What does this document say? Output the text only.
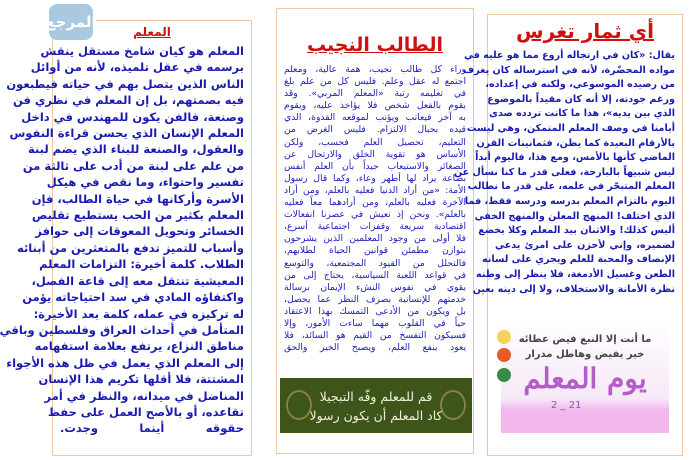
المعلم
المعلم هو كيان شامخ مستقل ينقش
برسمه في عقل تلميذه، لأنه من أوائل
الناس الذين يتصل بهم في حياته فيطبعون
فيه بصمتهم، بل إن المعلم في نظري فن
وصنعة، فالفن يكون للمهندس في داخل
المعلم الإنسان الذي يحسن قراءة النفوس
والعقول، والصنعة للبناء الذي يضم لبنة
من علم على لبنة من أدب على ثالثة من
تفسير واحتواء، وما نقص في هيكل
الأسرة وأركانها في حياة الطالب، فإن
المعلم بكثير من الحب يستطيع تقليص
الخسائر وتحويل المعوقات إلى حوافز
وأسباب للتميز تدفع بالمتعثرين من أبنائه
الطلاب. كلمة أخيرة: التزامات المعلم
المعيشية تنتقل معه إلى قاعة الفصل،
واكتفاؤه المادي في سد احتياجاته يؤمن
له تركيزه في عمله، كلمة بعد الأخيرة:
المتأمل في أحداث العراق وفلسطين وباقي
مناطق النزاع، يرتفع بعلامة استفهامه
إلى المعلم الذي يعمل في ظل هذه الأجواء
المشتتة، فلا أقلها تكريم هذا الإنسان
المناضل في ميدانه، والنظر في أمر
تقاعده، أو بالأصح العمل على حفظ
حقوقه أينما وجدت.
المرجع
الطالب النجيب
وراء كل طالب نجيب، همة عالية، ومعلم
اجتمع له عقل وعلم. فليس كل من علم بلغ
في تعليمه رتبة «المعلم المربي». وقد
يقوم بالفعل شخص فلا يؤاخذ عليه، ويقوم
به آخر فيعاتب ويؤنب لموقعه القدوة، الذي
قيده بحبال الالتزام. فليس الغرض من
التعليم، تحصيل العلم فحسب، ولكن
الأساس هو تقوية الخلق والارتحال عن
الصغائر والاستيعاب جيداً بأن العلم أنفس
بضاعة يراد لها أطهر وعاء، وكما قال رسول
الأمة: «من أراد الدنيا فعليه بالعلم، ومن أراد
الآخرة فعليه بالعلم، ومن أرادهما معاً فعليه
بالعلم». ونحن إذ نعيش في عصرنا انفعالات
اقتصادية سريعة وقفزات اجتماعية أسرع،
فلا أولى من وجود المعلمين الذين يشرحون
بتوازن مطمئن قوانين الحياة لطلابهم،
فالتحلل من القيود المجتمعية، والتوسع
في قواعد اللعبة السياسية، يحتاج إلى من
يقوي في نفوس النشء الإيمان برسالة
خدمتهم للإنسانية بصرف النظر عما يحصل،
بل ويكون من الأدعى التمسك بهذا الاعتقاد
حياً في القلوب مهما ساءت الأمور، وإلا
فسيكون التفسخ من القيم هو السائد، فلا
يعود ينفع العلم، ويصبح الخير والحق
قم للمعلم وفّه التبجيلا
كاد المعلم أن يكون رسولا
أي ثمار تغرس
يقال: «كان في ارتجاله أروع مما هو عليه في
مواده المحضّرة، لأنه في استرساله كان يغرف
من رصيده الموسوعي، ولكنه في إعداده،
ورغم جودته، إلا أنه كان مقيداً بالموضوع
الذي بين يديه»، هذا ما كانت تردده صدى
أيامنا في وصف المعلم المتمكن، وهي ليست
بالأرقام البعيدة كما يظن، فثمانينات القرن
الماضي كأنها بالأمس، ومع هذا، فاليوم أبداً
ليس شبيهاً بالبارحة، فعلى قدر ما كنا نسأل عن
المعلم المتبحّر في علمه، على قدر ما نطالب
اليوم بالتزام المعلم بدرسه ودرسه فقط، فما
الذي اختلف! المنهج المعلن والمنهج الخفي
أليس كذلك! والاثنان بيد المعلم وكلا يخضع
لضميره، وإني لأحزن على امرئ يدعي
الإنصاف والمحبة للعلم ويجري على لسانه
الطعن وغسيل الأدمغة، فلا ينظر إلى وطنه
نظرة الأمانة والاستخلاف، ولا إلى دينه بعين
ما أنت إلا النبع فيض عطائه
خير يفيض وهاطل مدرار
يوم المعلم
2 _ 21
